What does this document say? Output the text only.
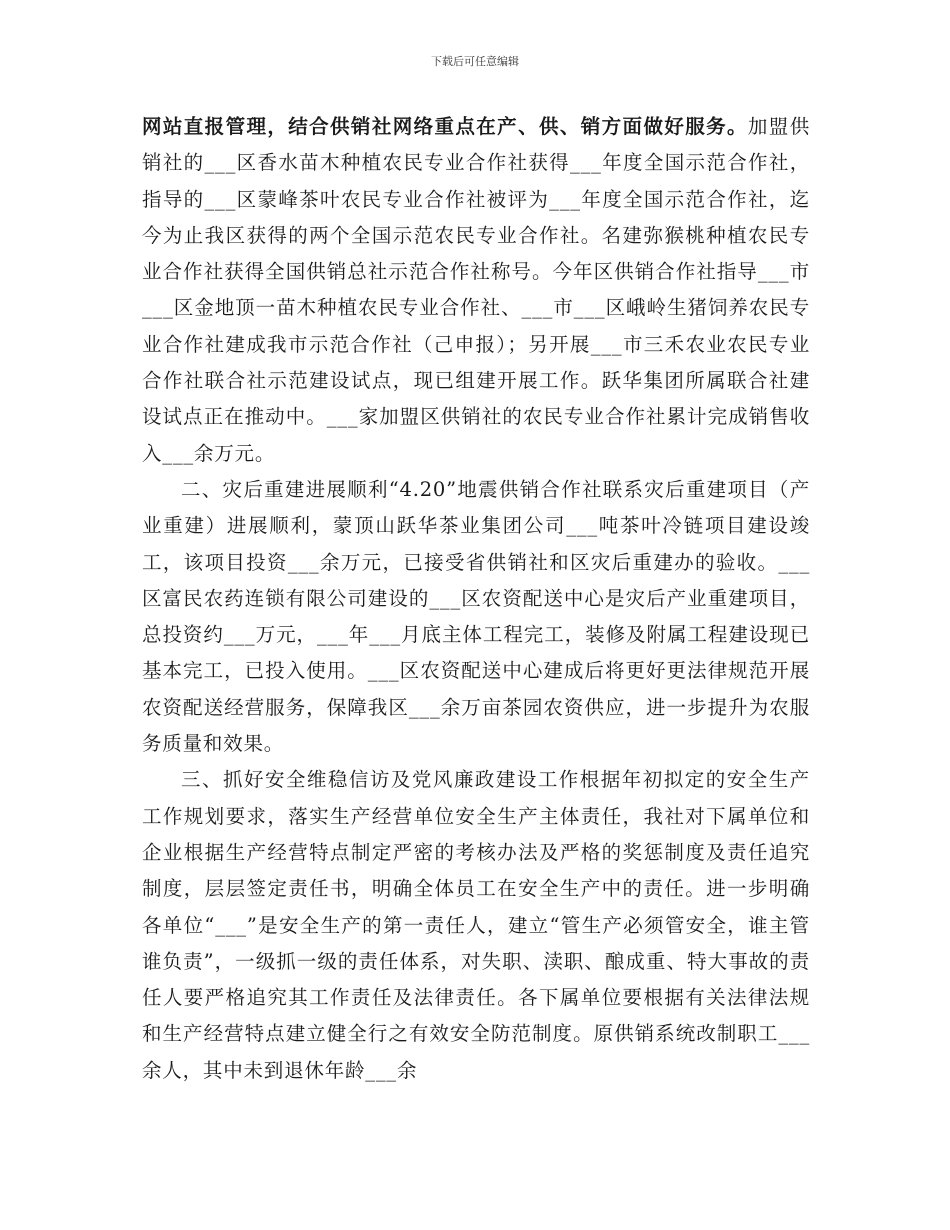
下载后可任意编辑

网站直报管理，结合供销社网络重点在产、供、销方面做好服务。加盟供销社的___区香水苗木种植农民专业合作社获得___年度全国示范合作社，指导的___区蒙峰茶叶农民专业合作社被评为___年度全国示范合作社，迄今为止我区获得的两个全国示范农民专业合作社。名建弥猴桃种植农民专业合作社获得全国供销总社示范合作社称号。今年区供销合作社指导___市___区金地顶一苗木种植农民专业合作社、___市___区峨岭生猪饲养农民专业合作社建成我市示范合作社（己申报）；另开展___市三禾农业农民专业合作社联合社示范建设试点，现已组建开展工作。跃华集团所属联合社建设试点正在推动中。___家加盟区供销社的农民专业合作社累计完成销售收入___余万元。

二、灾后重建进展顺利“4.20”地震供销合作社联系灾后重建项目（产业重建）进展顺利，蒙顶山跃华茶业集团公司___吨茶叶冷链项目建设竣工，该项目投资___余万元，已接受省供销社和区灾后重建办的验收。___区富民农药连锁有限公司建设的___区农资配送中心是灾后产业重建项目，总投资约___万元，___年___月底主体工程完工，装修及附属工程建设现已基本完工，已投入使用。___区农资配送中心建成后将更好更法律规范开展农资配送经营服务，保障我区___余万亩茶园农资供应，进一步提升为农服务质量和效果。

三、抓好安全维稳信访及党风廉政建设工作根据年初拟定的安全生产工作规划要求，落实生产经营单位安全生产主体责任，我社对下属单位和企业根据生产经营特点制定严密的考核办法及严格的奖惩制度及责任追究制度，层层签定责任书，明确全体员工在安全生产中的责任。进一步明确各单位“___”是安全生产的第一责任人，建立“管生产必须管安全，谁主管谁负责”，一级抓一级的责任体系，对失职、渎职、酿成重、特大事故的责任人要严格追究其工作责任及法律责任。各下属单位要根据有关法律法规和生产经营特点建立健全行之有效安全防范制度。原供销系统改制职工___余人，其中未到退休年龄___余
